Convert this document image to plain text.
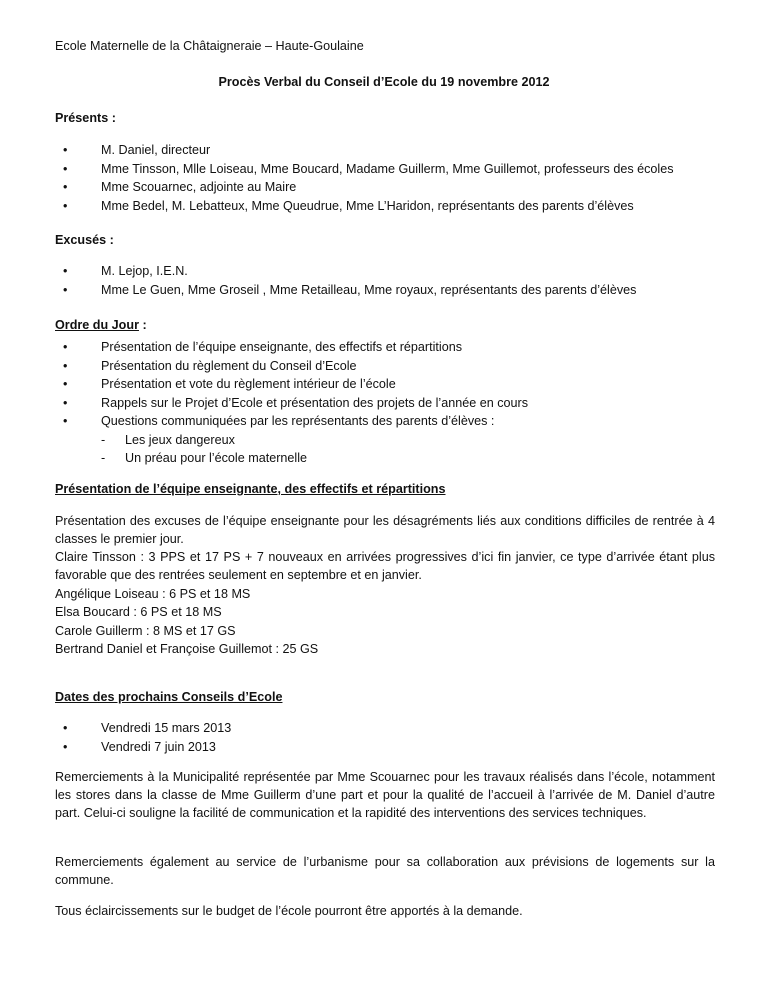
Ecole Maternelle de la Châtaigneraie – Haute-Goulaine

Procès Verbal du Conseil d’Ecole du 19 novembre 2012

Présents :

•	M. Daniel, directeur
•	Mme Tinsson, Mlle Loiseau, Mme Boucard, Madame Guillerm, Mme Guillemot, professeurs des écoles
•	Mme Scouarnec, adjointe au Maire
•	Mme Bedel, M. Lebatteux, Mme Queudrue, Mme L’Haridon, représentants des parents d’élèves

Excusés :

•	M. Lejop, I.E.N.
•	Mme Le Guen, Mme Groseil , Mme Retailleau, Mme royaux, représentants des parents d’élèves

Ordre du Jour :

•	Présentation de l’équipe enseignante, des effectifs et répartitions
•	Présentation du règlement du Conseil d’Ecole
•	Présentation et vote du règlement intérieur de l’école
•	Rappels sur le Projet d’Ecole et présentation des projets de l’année en cours
•	Questions communiquées par les représentants des parents d’élèves :
- Les jeux dangereux
- Un préau pour l’école maternelle

Présentation de l’équipe enseignante, des effectifs et répartitions

Présentation des excuses de l’équipe enseignante pour les désagréments liés aux conditions difficiles de rentrée à 4 classes le premier jour.

Claire Tinsson : 3 PPS et 17 PS + 7 nouveaux en arrivées progressives d’ici fin janvier, ce type d’arrivée étant plus favorable que des rentrées seulement en septembre et en janvier.

Angélique Loiseau : 6 PS et 18 MS

Elsa Boucard : 6 PS et 18 MS

Carole Guillerm : 8 MS et 17 GS

Bertrand Daniel et Françoise Guillemot : 25 GS

Dates des prochains Conseils d’Ecole

•	Vendredi 15 mars 2013
•	Vendredi 7 juin 2013

Remerciements à la Municipalité représentée par Mme Scouarnec pour les travaux réalisés dans l’école, notamment les stores dans la classe de Mme Guillerm d’une part et pour la qualité de l’accueil à l’arrivée de M. Daniel d’autre part. Celui-ci souligne la facilité de communication et la rapidité des interventions des services techniques.

Remerciements également au service de l’urbanisme pour sa collaboration aux prévisions de logements sur la commune.

Tous éclaircissements sur le budget de l’école pourront être apportés à la demande.
